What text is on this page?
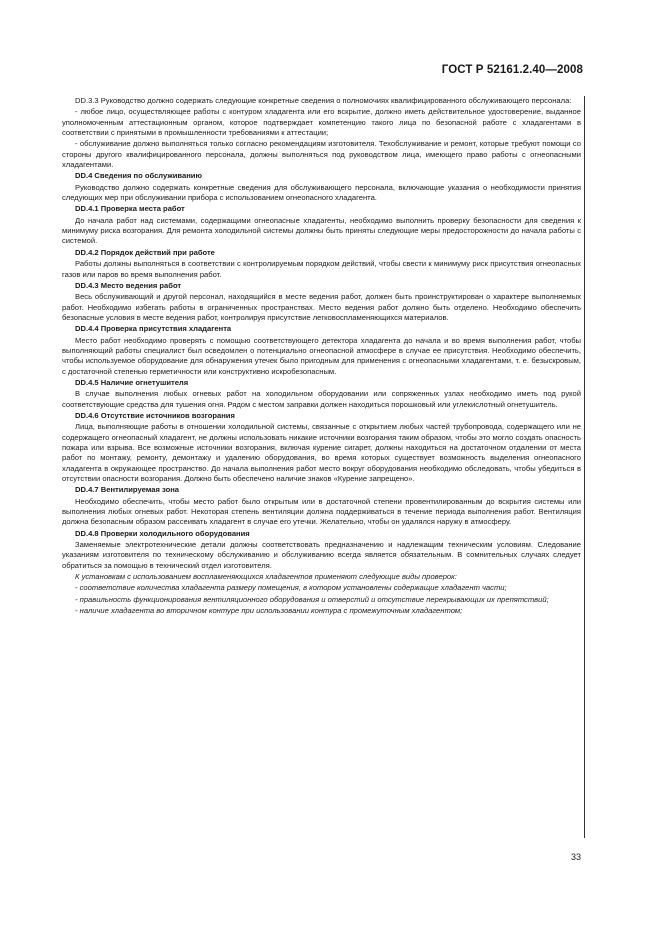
ГОСТ Р 52161.2.40—2008

DD.3.3 Руководство должно содержать следующие конкретные сведения о полномочиях квалифицированного обслуживающего персонала:

- любое лицо, осуществляющее работы с контуром хладагента или его вскрытие, должно иметь действительное удостоверение, выданное уполномоченным аттестационным органом, которое подтверждает компетенцию такого лица по безопасной работе с хладагентами в соответствии с принятыми в промышленности требованиями к аттестации;

- обслуживание должно выполняться только согласно рекомендациям изготовителя. Техобслуживание и ремонт, которые требуют помощи со стороны другого квалифицированного персонала, должны выполняться под руководством лица, имеющего право работы с огнеопасными хладагентами.

DD.4 Сведения по обслуживанию

Руководство должно содержать конкретные сведения для обслуживающего персонала, включающие указания о необходимости принятия следующих мер при обслуживании прибора с использованием огнеопасного хладагента.

DD.4.1 Проверка места работ

До начала работ над системами, содержащими огнеопасные хладагенты, необходимо выполнить проверку безопасности для сведения к минимуму риска возгорания. Для ремонта холодильной системы должны быть приняты следующие меры предосторожности до начала работы с системой.

DD.4.2 Порядок действий при работе

Работы должны выполняться в соответствии с контролируемым порядком действий, чтобы свести к минимуму риск присутствия огнеопасных газов или паров во время выполнения работ.

DD.4.3 Место ведения работ

Весь обслуживающий и другой персонал, находящийся в месте ведения работ, должен быть проинструктирован о характере выполняемых работ. Необходимо избегать работы в ограниченных пространствах. Место ведения работ должно быть отделено. Необходимо обеспечить безопасные условия в месте ведения работ, контролируя присутствие легковоспламеняющихся материалов.

DD.4.4 Проверка присутствия хладагента

Место работ необходимо проверять с помощью соответствующего детектора хладагента до начала и во время выполнения работ, чтобы выполняющий работы специалист был осведомлен о потенциально огнеопасной атмосфере в случае ее присутствия. Необходимо обеспечить, чтобы используемое оборудование для обнаружения утечек было пригодным для применения с огнеопасными хладагентами, т. е. безыскровым, с достаточной степенью герметичности или конструктивно искробезопасным.

DD.4.5 Наличие огнетушителя

В случае выполнения любых огневых работ на холодильном оборудовании или сопряженных узлах необходимо иметь под рукой соответствующие средства для тушения огня. Рядом с местом заправки должен находиться порошковый или углекислотный огнетушитель.

DD.4.6 Отсутствие источников возгорания

Лица, выполняющие работы в отношении холодильной системы, связанные с открытием любых частей трубопровода, содержащего или не содержащего огнеопасный хладагент, не должны использовать никакие источники возгорания таким образом, чтобы это могло создать опасность пожара или взрыва. Все возможные источники возгорания, включая курение сигарет, должны находиться на достаточном отдалении от места работ по монтажу, ремонту, демонтажу и удалению оборудования, во время которых существует возможность выделения огнеопасного хладагента в окружающее пространство. До начала выполнения работ место вокруг оборудования необходимо обследовать, чтобы убедиться в отсутствии опасности возгорания. Должно быть обеспечено наличие знаков «Курение запрещено».

DD.4.7 Вентилируемая зона

Необходимо обеспечить, чтобы место работ было открытым или в достаточной степени провентилированным до вскрытия системы или выполнения любых огневых работ. Некоторая степень вентиляции должна поддерживаться в течение периода выполнения работ. Вентиляция должна безопасным образом рассеивать хладагент в случае его утечки. Желательно, чтобы он удалялся наружу в атмосферу.

DD.4.8 Проверки холодильного оборудования

Заменяемые электротехнические детали должны соответствовать предназначению и надлежащим техническим условиям. Следование указаниям изготовителя по техническому обслуживанию и обслуживанию всегда является обязательным. В сомнительных случаях следует обратиться за помощью в технический отдел изготовителя.

К установкам с использованием воспламеняющихся хладагентов применяют следующие виды проверок:

- соответствие количества хладагента размеру помещения, в котором установлены содержащие хладагент части;

- правильность функционирования вентиляционного оборудования и отверстий и отсутствие перекрывающих их препятствий;

- наличие хладагента во вторичном контуре при использовании контура с промежуточным хладагентом;

33
